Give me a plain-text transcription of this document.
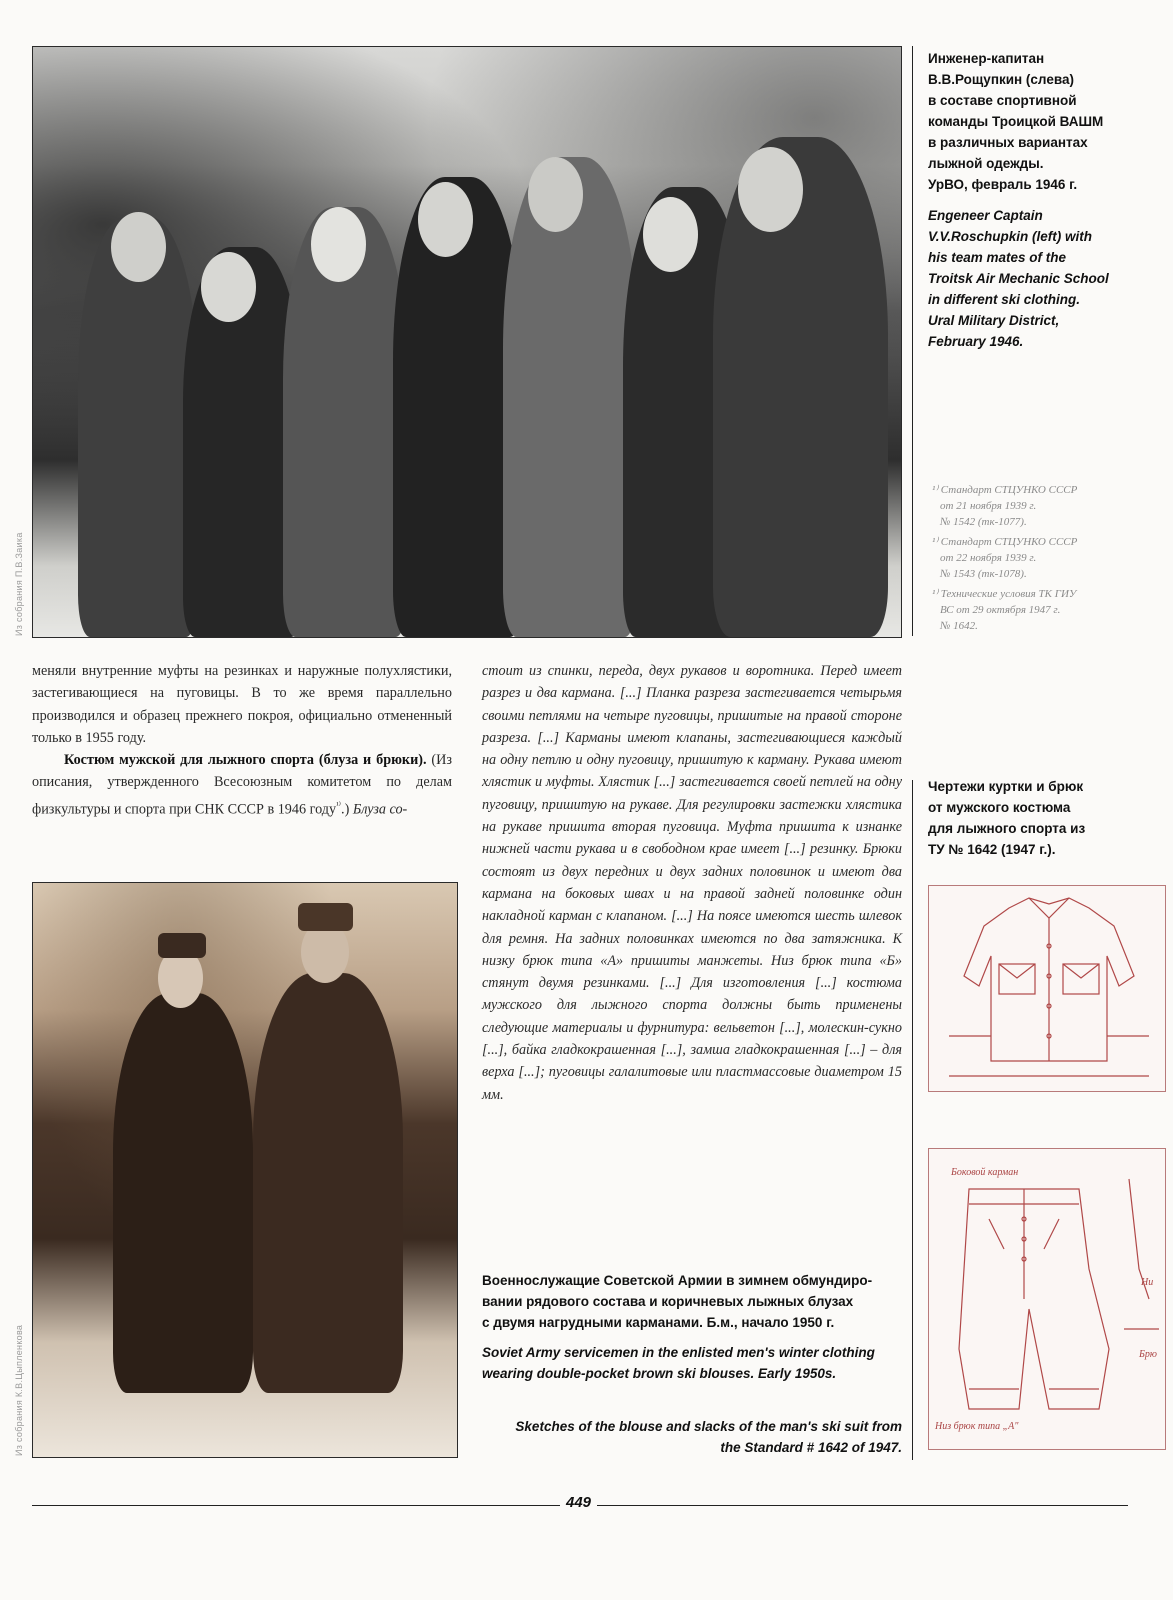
Из собрания П.В.Заика
Инженер-капитан
В.В.Рощупкин (слева)
в составе спортивной
команды Троицкой ВАШМ
в различных вариантах
лыжной одежды.
УрВО, февраль 1946 г.
Engeneer Captain
V.V.Roschupkin (left) with
his team mates of the
Troitsk Air Mechanic School
in different ski clothing.
Ural Military District,
February 1946.
¹⁾ Стандарт СТЦУНКО СССР
от 21 ноября 1939 г.
№ 1542 (тк-1077).
¹⁾ Стандарт СТЦУНКО СССР
от 22 ноября 1939 г.
№ 1543 (тк-1078).
¹⁾ Технические условия ТК ГИУ
ВС от 29 октября 1947 г.
№ 1642.
меняли внутренние муфты на резинках и наружные полухлястики, застегивающиеся на пуговицы. В то же время параллельно производился и образец прежнего покроя, официально отмененный только в 1955 году.
Костюм мужской для лыжного спорта (блуза и брюки). (Из описания, утвержденного Всесоюзным комитетом по делам физкультуры и спорта при СНК СССР в 1946 году$^{^{1)}}$.) Блуза со-
Из собрания К.В.Цыпленкова
стоит из спинки, переда, двух рукавов и воротника. Перед имеет разрез и два кармана. [...] Планка разреза застегивается четырьмя своими петлями на четыре пуговицы, пришитые на правой стороне разреза. [...] Карманы имеют клапаны, застегивающиеся каждый на одну петлю и одну пуговицу, пришитую к карману. Рукава имеют хлястик и муфты. Хлястик [...] застегивается своей петлей на одну пуговицу, пришитую на рукаве. Для регулировки застежки хлястика на рукаве пришита вторая пуговица. Муфта пришита к изнанке нижней части рукава и в свободном крае имеет [...] резинку. Брюки состоят из двух передних и двух задних половинок и имеют два кармана на боковых швах и на правой задней половинке один накладной карман с клапаном. [...] На поясе имеются шесть шлевок для ремня. На задних половинках имеются по два затяжника. К низку брюк типа «А» пришиты манжеты. Низ брюк типа «Б» стянут двумя резинками. [...] Для изготовления [...] костюма мужского для лыжного спорта должны быть применены следующие материалы и фурнитура: вельветон [...], молескин-сукно [...], байка гладкокрашенная [...], замша гладкокрашенная [...] – для верха [...]; пуговицы галалитовые или пластмассовые диаметром 15 мм.
Военнослужащие Советской Армии в зимнем обмундиро-
вании рядового состава и коричневых лыжных блузах
с двумя нагрудными карманами. Б.м., начало 1950 г.
Soviet Army servicemen in the enlisted men's winter clothing
wearing double-pocket brown ski blouses. Early 1950s.
Sketches of the blouse and slacks of the man's ski suit from
the Standard # 1642 of 1947.
Чертежи куртки и брюк
от мужского костюма
для лыжного спорта из
ТУ № 1642 (1947 г.).
Боковой карман
Низ брюк типа „А"
Ни
Брю
449
